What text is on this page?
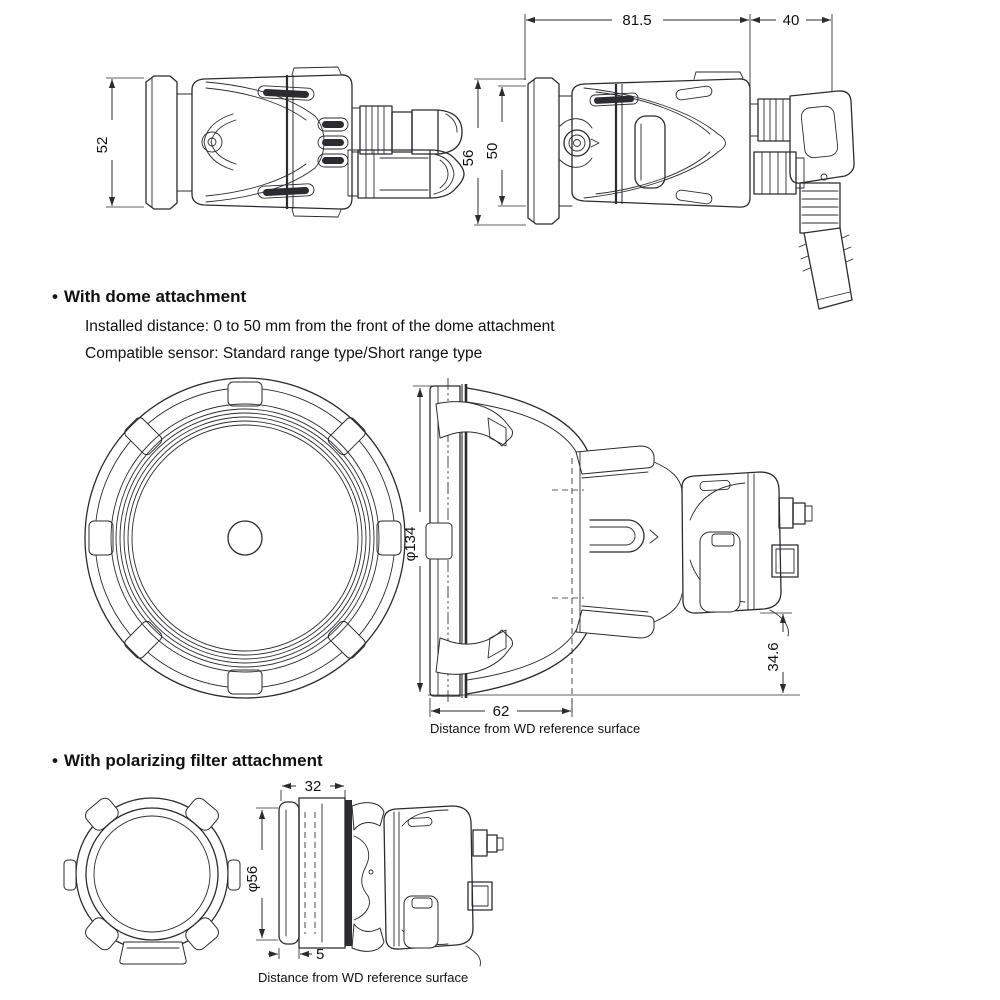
52
81.5	40
56 50
• With dome attachment
Installed distance: 0 to 50 mm from the front of the dome attachment
Compatible sensor: Standard range type/Short range type
φ134
34.6
62
Distance from WD reference surface
• With polarizing filter attachment
32
φ56
5
Distance from WD reference surface
